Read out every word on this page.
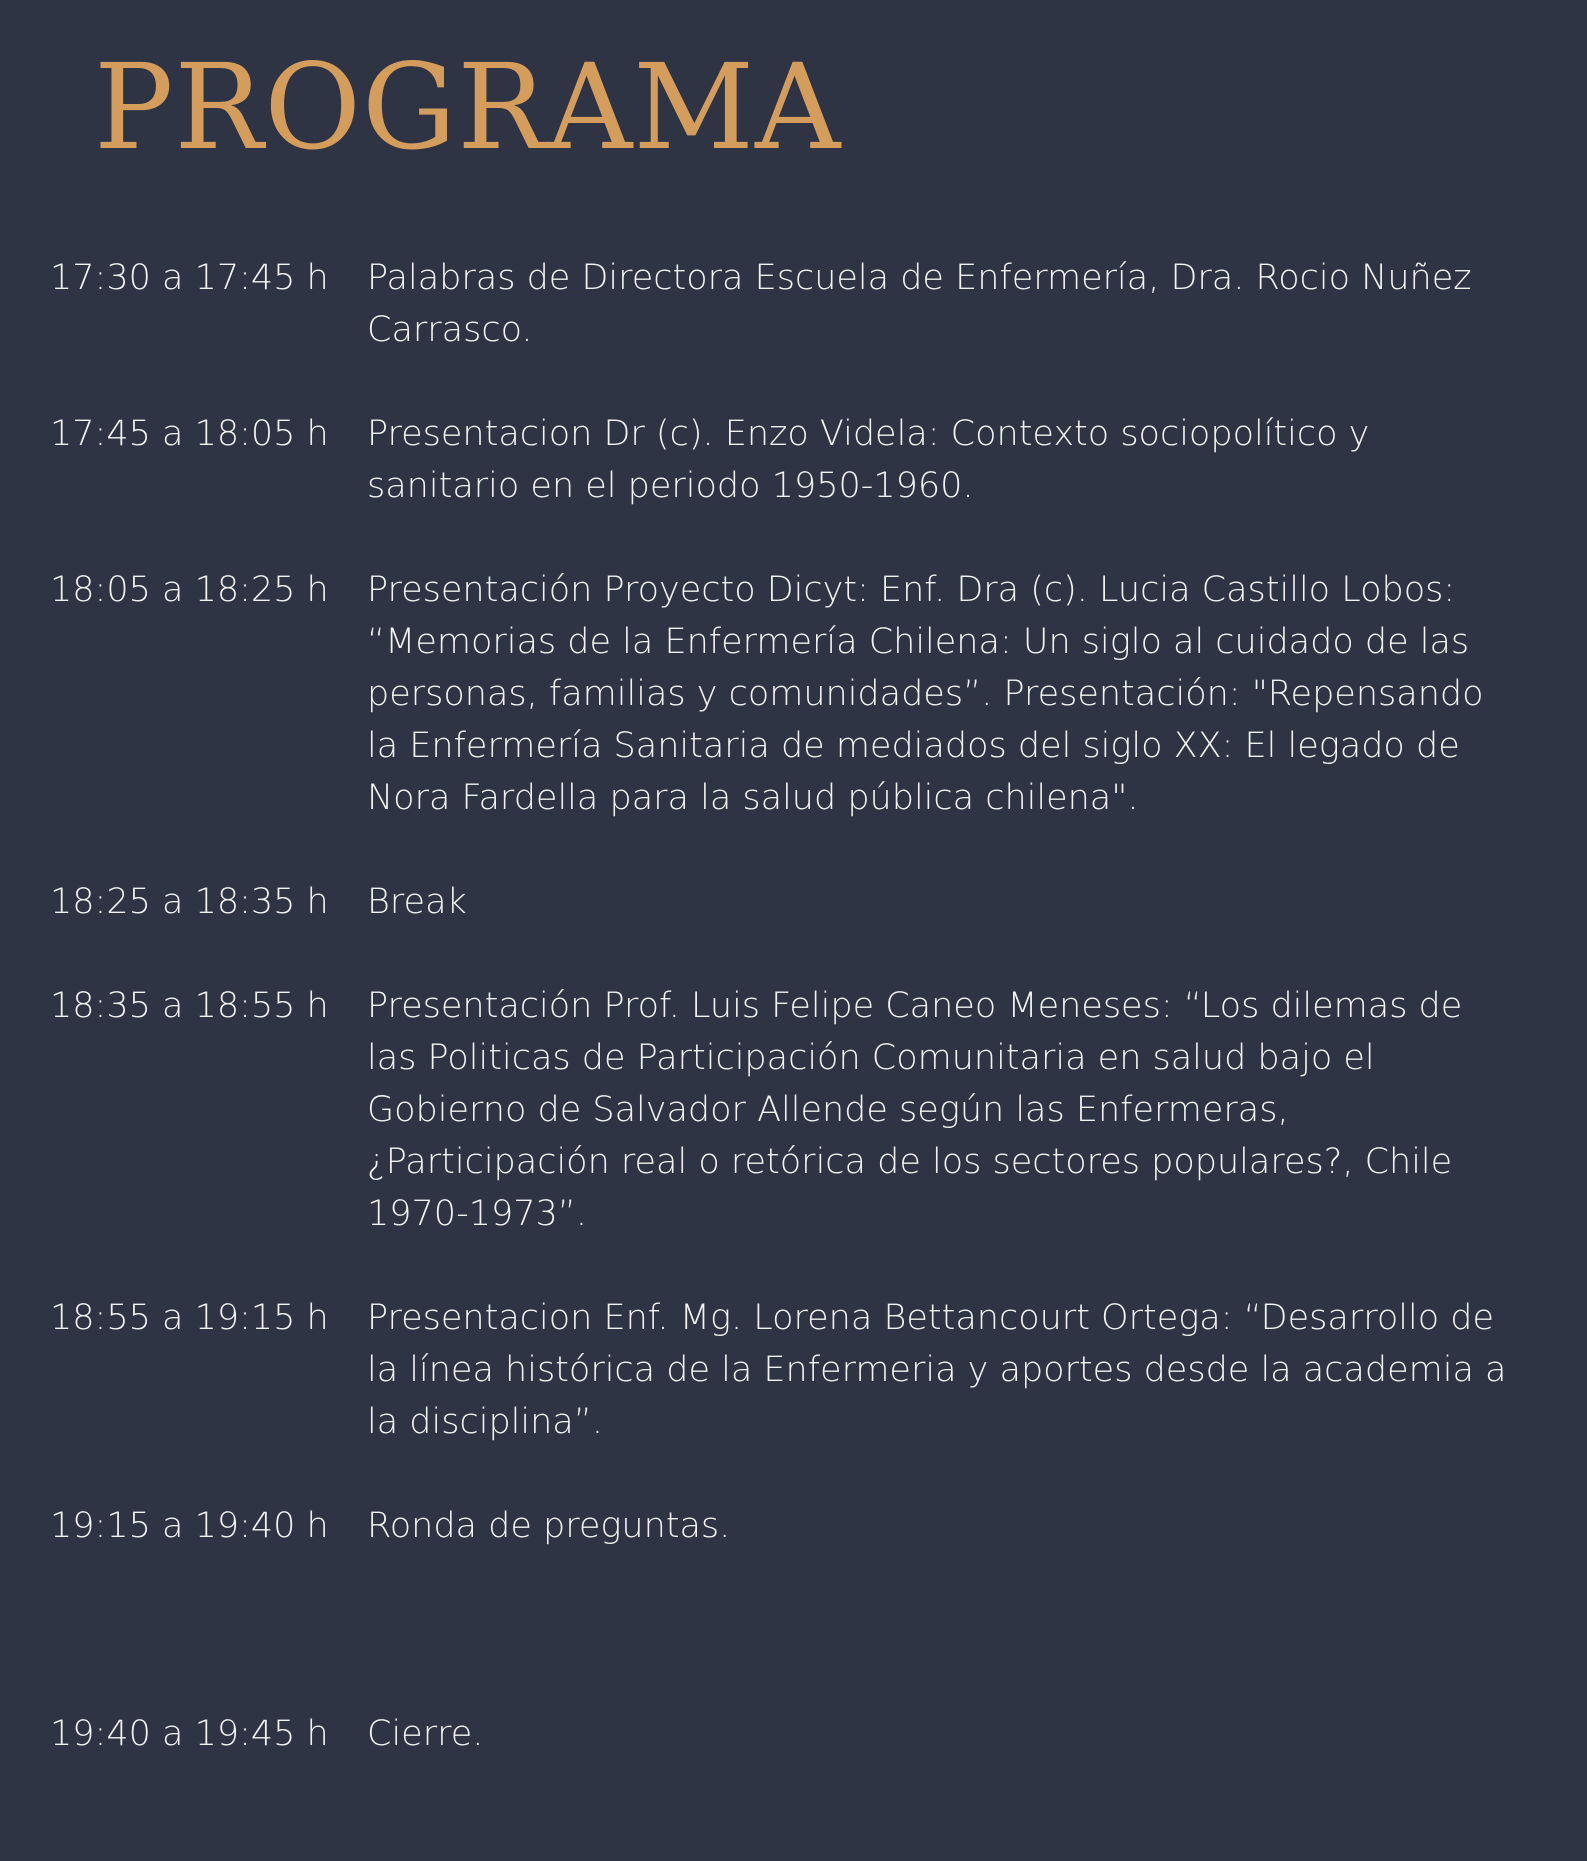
PROGRAMA
17:30 a 17:45 h Palabras de Directora Escuela de Enfermería, Dra. Rocio Nuñez Carrasco.
17:45 a 18:05 h Presentacion Dr (c). Enzo Videla: Contexto sociopolítico y sanitario en el periodo 1950-1960.
18:05 a 18:25 h Presentación Proyecto Dicyt: Enf. Dra (c). Lucia Castillo Lobos: “Memorias de la Enfermería Chilena: Un siglo al cuidado de las personas, familias y comunidades”. Presentación: "Repensando la Enfermería Sanitaria de mediados del siglo XX: El legado de Nora Fardella para la salud pública chilena".
18:25 a 18:35 h Break
18:35 a 18:55 h Presentación Prof. Luis Felipe Caneo Meneses: “Los dilemas de las Politicas de Participación Comunitaria en salud bajo el Gobierno de Salvador Allende según las Enfermeras, ¿Participación real o retórica de los sectores populares?, Chile 1970-1973”.
18:55 a 19:15 h Presentacion Enf. Mg. Lorena Bettancourt Ortega: “Desarrollo de la línea histórica de la Enfermeria y aportes desde la academia a la disciplina”.
19:15 a 19:40 h Ronda de preguntas.
19:40 a 19:45 h Cierre.
